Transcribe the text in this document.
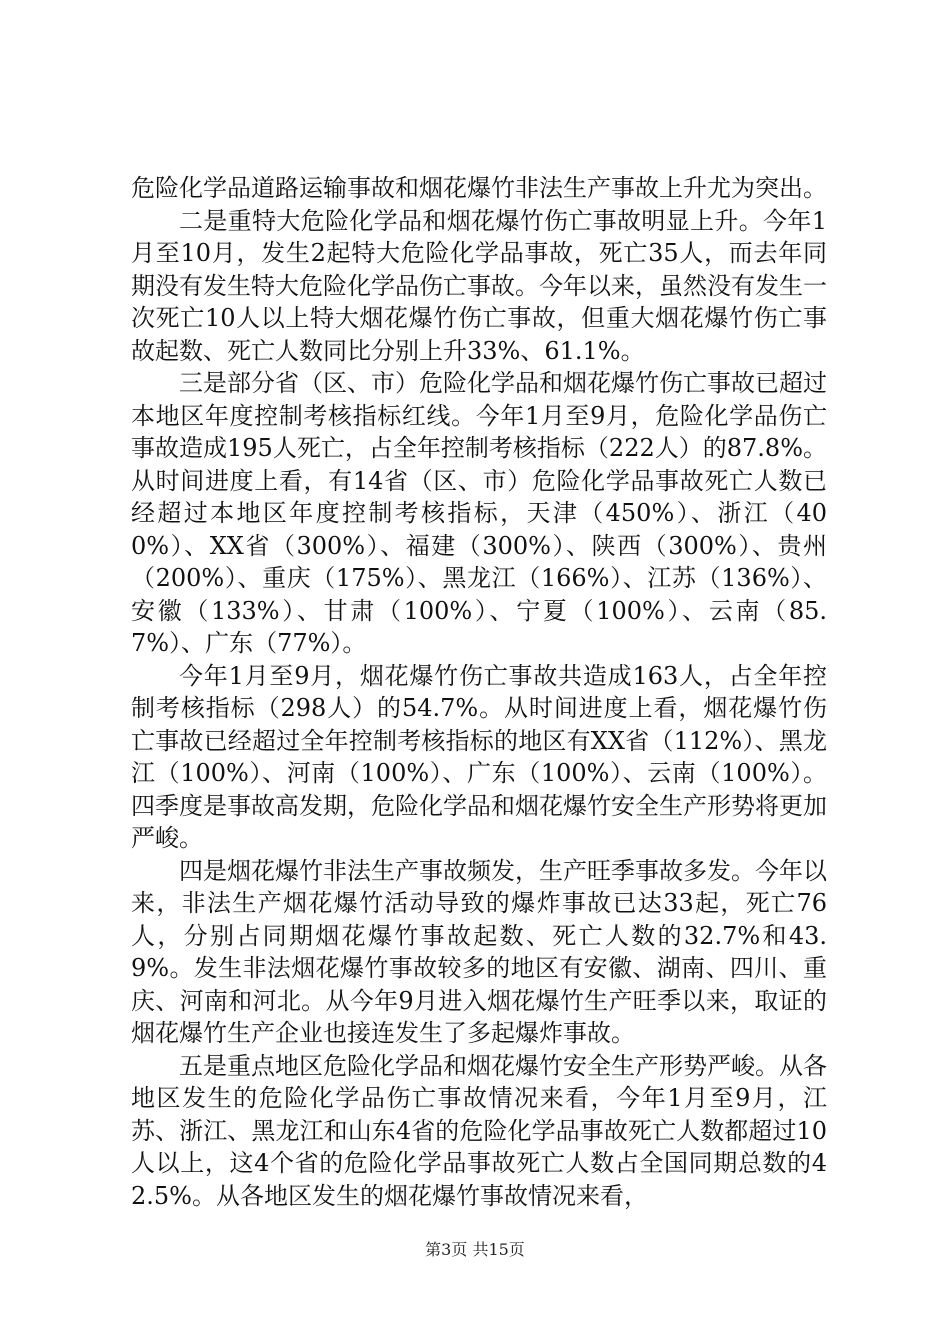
危险化学品道路运输事故和烟花爆竹非法生产事故上升尤为突出。

二是重特大危险化学品和烟花爆竹伤亡事故明显上升。今年1月至10月，发生2起特大危险化学品事故，死亡35人，而去年同期没有发生特大危险化学品伤亡事故。今年以来，虽然没有发生一次死亡10人以上特大烟花爆竹伤亡事故，但重大烟花爆竹伤亡事故起数、死亡人数同比分别上升33%、61.1%。

三是部分省（区、市）危险化学品和烟花爆竹伤亡事故已超过本地区年度控制考核指标红线。今年1月至9月，危险化学品伤亡事故造成195人死亡，占全年控制考核指标（222人）的87.8%。从时间进度上看，有14省（区、市）危险化学品事故死亡人数已经超过本地区年度控制考核指标，天津（450%）、浙江（400%）、XX省（300%）、福建（300%）、陕西（300%）、贵州（200%）、重庆（175%）、黑龙江（166%）、江苏（136%）、安徽（133%）、甘肃（100%）、宁夏（100%）、云南（85.7%）、广东（77%）。

今年1月至9月，烟花爆竹伤亡事故共造成163人，占全年控制考核指标（298人）的54.7%。从时间进度上看，烟花爆竹伤亡事故已经超过全年控制考核指标的地区有XX省（112%）、黑龙江（100%）、河南（100%）、广东（100%）、云南（100%）。四季度是事故高发期，危险化学品和烟花爆竹安全生产形势将更加严峻。

四是烟花爆竹非法生产事故频发，生产旺季事故多发。今年以来，非法生产烟花爆竹活动导致的爆炸事故已达33起，死亡76人，分别占同期烟花爆竹事故起数、死亡人数的32.7%和43.9%。发生非法烟花爆竹事故较多的地区有安徽、湖南、四川、重庆、河南和河北。从今年9月进入烟花爆竹生产旺季以来，取证的烟花爆竹生产企业也接连发生了多起爆炸事故。

五是重点地区危险化学品和烟花爆竹安全生产形势严峻。从各地区发生的危险化学品伤亡事故情况来看，今年1月至9月，江苏、浙江、黑龙江和山东4省的危险化学品事故死亡人数都超过10人以上，这4个省的危险化学品事故死亡人数占全国同期总数的42.5%。从各地区发生的烟花爆竹事故情况来看，

第3页 共15页
